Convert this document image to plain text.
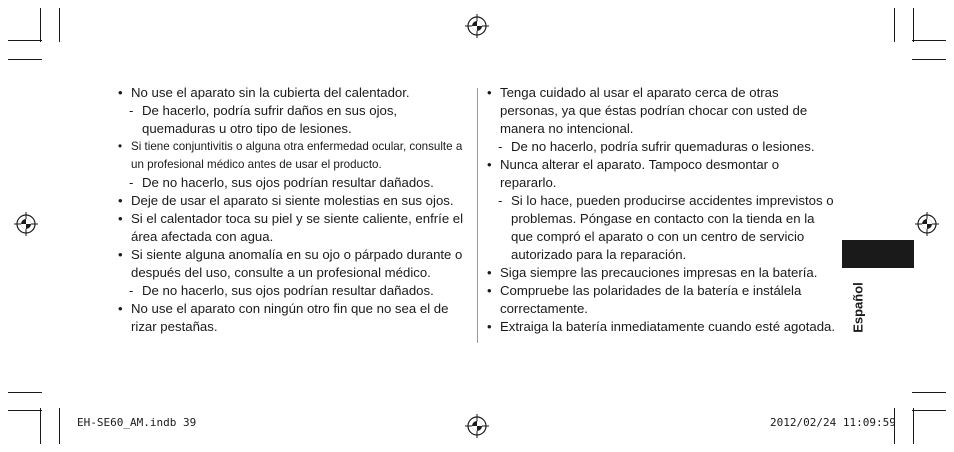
• No use el aparato sin la cubierta del calentador.
- De hacerlo, podría sufrir daños en sus ojos, quemaduras u otro tipo de lesiones.
• Si tiene conjuntivitis o alguna otra enfermedad ocular, consulte a un profesional médico antes de usar el producto.
- De no hacerlo, sus ojos podrían resultar dañados.
• Deje de usar el aparato si siente molestias en sus ojos.
• Si el calentador toca su piel y se siente caliente, enfríe el área afectada con agua.
• Si siente alguna anomalía en su ojo o párpado durante o después del uso, consulte a un profesional médico.
- De no hacerlo, sus ojos podrían resultar dañados.
• No use el aparato con ningún otro fin que no sea el de rizar pestañas.
• Tenga cuidado al usar el aparato cerca de otras personas, ya que éstas podrían chocar con usted de manera no intencional.
- De no hacerlo, podría sufrir quemaduras o lesiones.
• Nunca alterar el aparato. Tampoco desmontar o repararlo.
- Si lo hace, pueden producirse accidentes imprevistos o problemas. Póngase en contacto con la tienda en la que compró el aparato o con un centro de servicio autorizado para la reparación.
• Siga siempre las precauciones impresas en la batería.
• Compruebe las polaridades de la batería e instálela correctamente.
• Extraiga la batería inmediatamente cuando esté agotada. Español
EH-SE60_AM.indb 39	2012/02/24 11:09:59
